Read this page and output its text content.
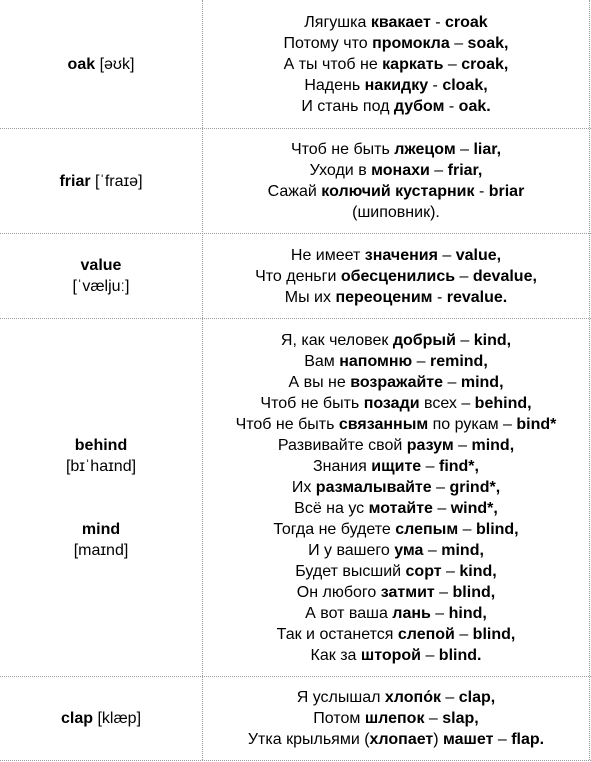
oak [əʊk]
Лягушка квакает - croak
Потому что промокла – soak,
А ты чтоб не каркать – croak,
Надень накидку - cloak,
И стань под дубом - oak.
friar [ˈfraɪə]
Чтоб не быть лжецом – liar,
Уходи в монахи – friar,
Сажай колючий кустарник - briar
(шиповник).
value
[ˈvæljuː]
Не имеет значения – value,
Что деньги обесценились – devalue,
Мы их переоценим - revalue.
behind
[bɪˈhaɪnd]
mind
[maɪnd]
Я, как человек добрый – kind,
Вам напомню – remind,
А вы не возражайте – mind,
Чтоб не быть позади всех – behind,
Чтоб не быть связанным по рукам – bind*
Развивайте свой разум – mind,
Знания ищите – find*,
Их размалывайте – grind*,
Всё на ус мотайте – wind*,
Тогда не будете слепым – blind,
И у вашего ума – mind,
Будет высший сорт – kind,
Он любого затмит – blind,
А вот ваша лань – hind,
Так и останется слепой – blind,
Как за шторой – blind.
clap [klæp]
Я услышал хлопо́к – clap,
Потом шлепок – slap,
Утка крыльями (хлопает) машет – flap.
